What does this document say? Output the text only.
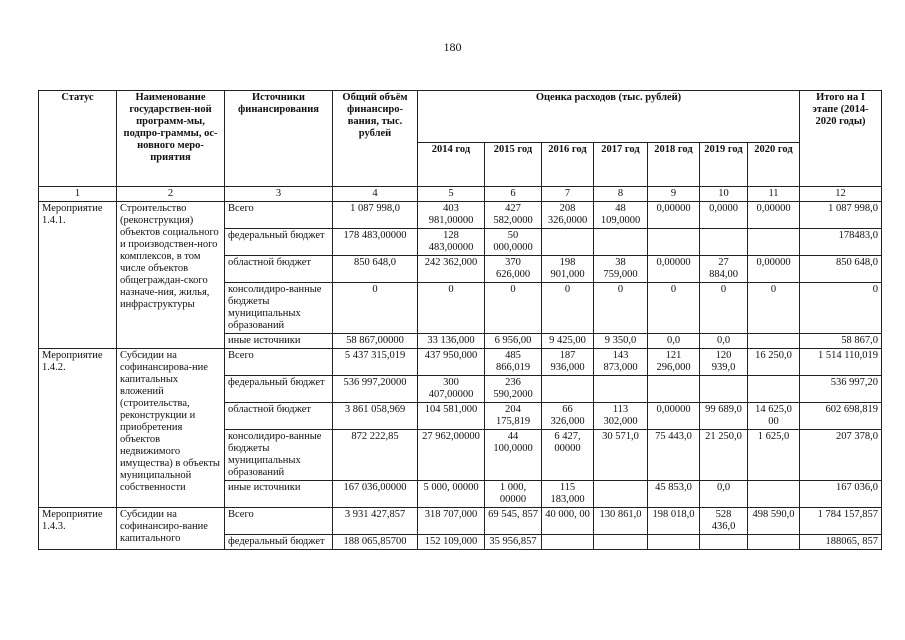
180
Статус	Наименование государствен-ной программ-мы, подпро-граммы, ос-новного меро-приятия	Источники финансирования	Общий объём финансиро-вания, тыс. рублей	Оценка расходов (тыс. рублей)							Итого на I этапе (2014-2020 годы)
				2014 год	2015 год	2016 год	2017 год	2018 год	2019 год	2020 год	
1	2	3	4	5	6	7	8	9	10	11	12
Мероприятие 1.4.1.	Строительство (реконструкция) объектов социального и производствен-ного комплексов, в том числе объектов общеграждан-ского назначе-ния, жилья, инфраструктуры	Всего	1 087 998,0	403 981,00000	427 582,0000	208 326,0000	48 109,0000	0,00000	0,0000	0,00000	1 087 998,0
		федеральный бюджет	178 483,00000	128 483,00000	50 000,0000						178483,0
		областной бюджет	850 648,0	242 362,000	370 626,000	198 901,000	38 759,000	0,00000	27 884,00	0,00000	850 648,0
		консолидиро-ванные бюджеты муниципальных образований	0	0	0	0	0	0	0	0	0
		иные источники	58 867,00000	33 136,000	6 956,00	9 425,00	9 350,0	0,0	0,0		58 867,0
Мероприятие 1.4.2.	Субсидии на софинансирова-ние капитальных вложений (строительства, реконструкции и приобретения объектов недвижимого имущества) в объекты муниципальной собственности	Всего	5 437 315,019	437 950,000	485 866,019	187 936,000	143 873,000	121 296,000	120 939,0	16 250,0	1 514 110,019
		федеральный бюджет	536 997,20000	300 407,00000	236 590,2000						536 997,20
		областной бюджет	3 861 058,969	104 581,000	204 175,819	66 326,000	113 302,000	0,00000	99 689,0	14 625,0 00	602 698,819
		консолидиро-ванные бюджеты муниципальных образований	872 222,85	27 962,00000	44 100,0000	6 427, 00000	30 571,0	75 443,0	21 250,0	1 625,0	207 378,0
		иные источники	167 036,00000	5 000, 00000	1 000, 00000	115 183,000		45 853,0	0,0		167 036,0
Мероприятие 1.4.3.	Субсидии на софинансиро-вание капитального	Всего	3 931 427,857	318 707,000	69 545, 857	40 000, 00	130 861,0	198 018,0	528 436,0	498 590,0	1 784 157,857
		федеральный бюджет	188 065,85700	152 109,000	35 956,857						188065, 857
